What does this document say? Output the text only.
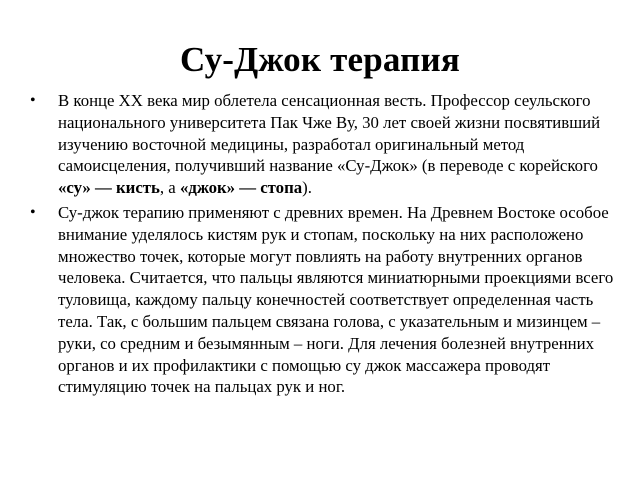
Су-Джок терапия
•	В конце XX века мир облетела сенсационная весть. Профессор сеульского национального университета Пак Чже Ву, 30 лет своей жизни посвятивший изучению восточной медицины, разработал оригинальный метод самоисцеления, получивший название «Су-Джок» (в переводе с корейского «су» — кисть, а «джок» — стопа).
•	Су-джок терапию применяют с древних времен. На Древнем Востоке особое внимание уделялось кистям рук и стопам, поскольку на них расположено множество точек, которые могут повлиять на работу внутренних органов человека. Считается, что пальцы являются миниатюрными проекциями всего туловища, каждому пальцу конечностей соответствует определенная часть тела. Так, с большим пальцем связана голова, с указательным и мизинцем – руки, со средним и безымянным – ноги. Для лечения болезней внутренних органов и их профилактики с помощью су джок массажера проводят стимуляцию точек на пальцах рук и ног.
